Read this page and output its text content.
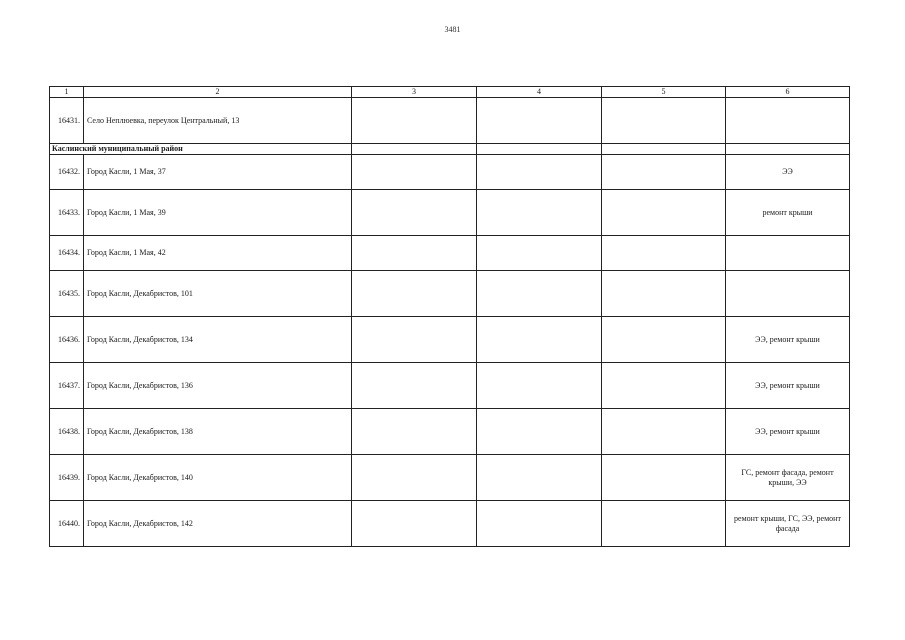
3481
1	2	3	4	5	6
16431.	Село Неплюевка, переулок Центральный, 13				
Каслинский муниципальный район					
16432.	Город Касли, 1 Мая, 37				ЭЭ
16433.	Город Касли, 1 Мая, 39				ремонт крыши
16434.	Город Касли, 1 Мая, 42				
16435.	Город Касли, Декабристов, 101				
16436.	Город Касли, Декабристов, 134				ЭЭ, ремонт крыши
16437.	Город Касли, Декабристов, 136				ЭЭ, ремонт крыши
16438.	Город Касли, Декабристов, 138				ЭЭ, ремонт крыши
16439.	Город Касли, Декабристов, 140				ГС, ремонт фасада, ремонт крыши, ЭЭ
16440.	Город Касли, Декабристов, 142				ремонт крыши, ГС, ЭЭ, ремонт фасада
